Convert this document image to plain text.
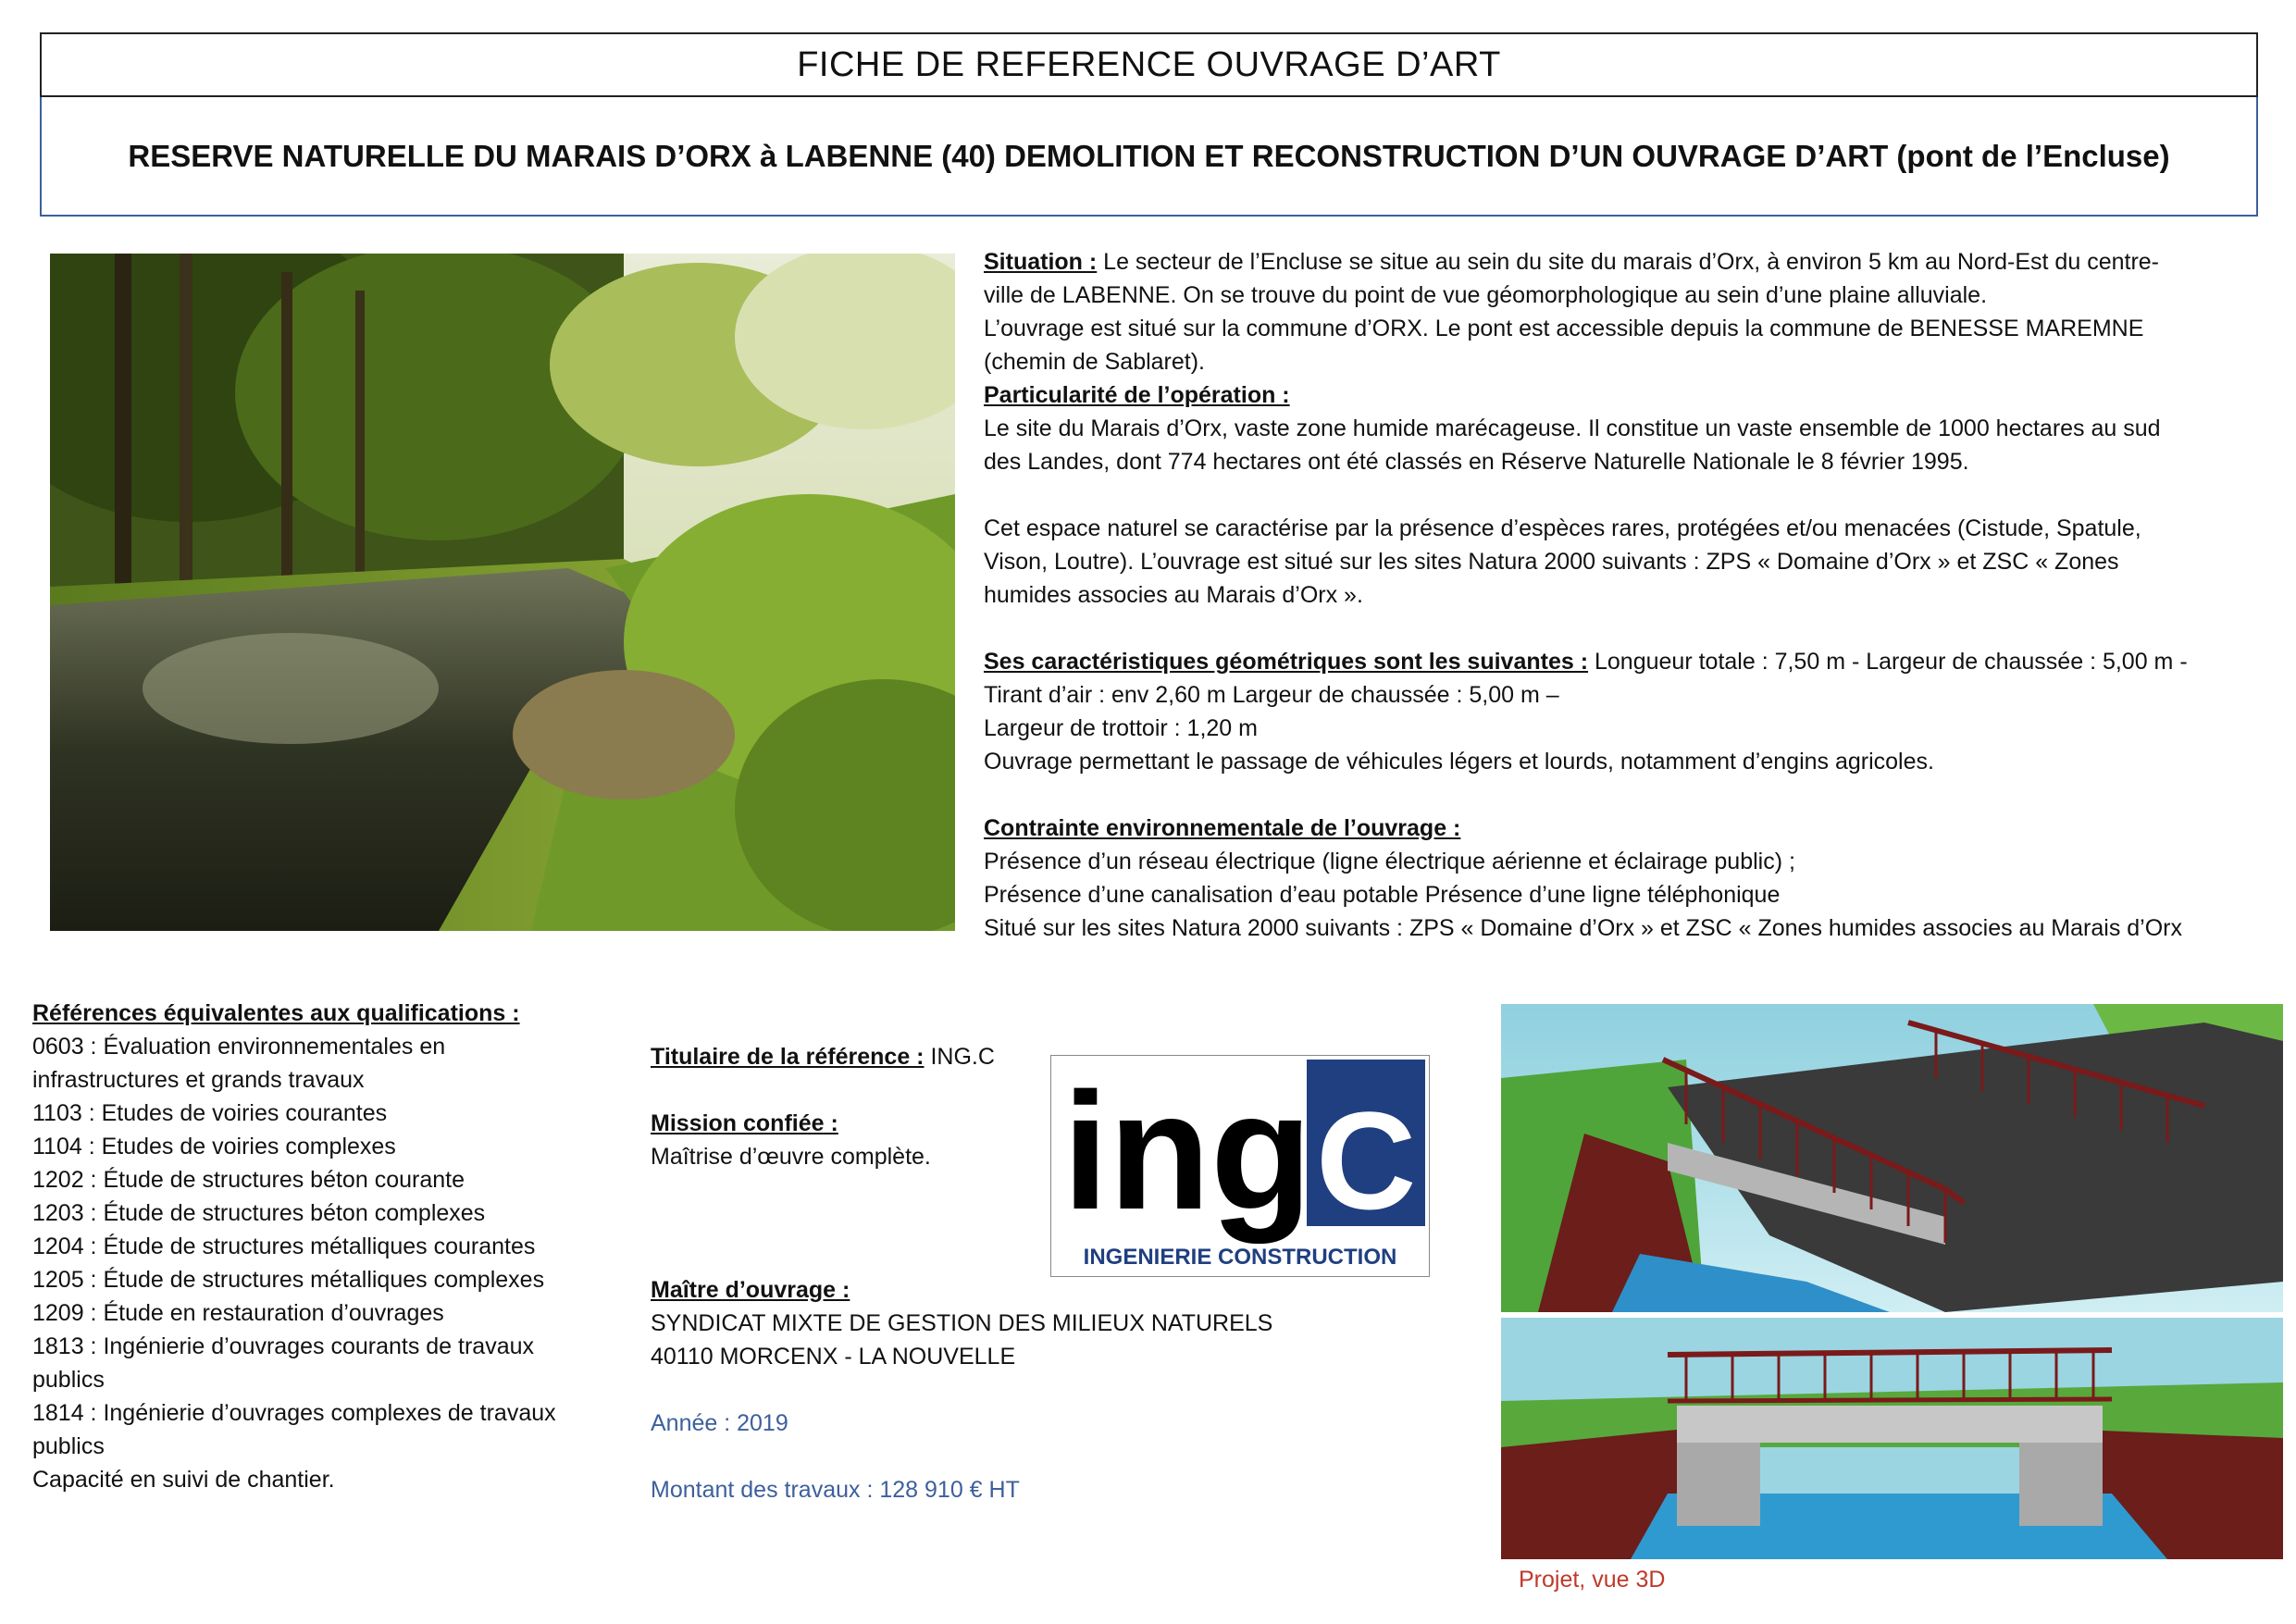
FICHE DE REFERENCE OUVRAGE D’ART
RESERVE NATURELLE DU MARAIS D’ORX à LABENNE (40) DEMOLITION ET RECONSTRUCTION D’UN OUVRAGE D’ART (pont de l’Encluse)
Situation : Le secteur de l’Encluse se situe au sein du site du marais d’Orx, à environ 5 km au Nord-Est du centre-
ville de LABENNE. On se trouve du point de vue géomorphologique au sein d’une plaine alluviale.
L’ouvrage est situé sur la commune d’ORX. Le pont est accessible depuis la commune de BENESSE MAREMNE
(chemin de Sablaret).
Particularité de l’opération :
Le site du Marais d’Orx, vaste zone humide marécageuse. Il constitue un vaste ensemble de 1000 hectares au sud
des Landes, dont 774 hectares ont été classés en Réserve Naturelle Nationale le 8 février 1995.
Cet espace naturel se caractérise par la présence d’espèces rares, protégées et/ou menacées (Cistude, Spatule,
Vison, Loutre). L’ouvrage est situé sur les sites Natura 2000 suivants : ZPS « Domaine d’Orx » et ZSC « Zones
humides associes au Marais d’Orx ».
Ses caractéristiques géométriques sont les suivantes : Longueur totale : 7,50 m - Largeur de chaussée : 5,00 m -
Tirant d’air : env 2,60 m Largeur de chaussée : 5,00 m –
Largeur de trottoir : 1,20 m
Ouvrage permettant le passage de véhicules légers et lourds, notamment d’engins agricoles.
Contrainte environnementale de l’ouvrage :
Présence d’un réseau électrique (ligne électrique aérienne et éclairage public) ;
Présence d’une canalisation d’eau potable Présence d’une ligne téléphonique
Situé sur les sites Natura 2000 suivants : ZPS « Domaine d’Orx » et ZSC « Zones humides associes au Marais d’Orx
Références équivalentes aux qualifications :
0603 : Évaluation environnementales en
infrastructures et grands travaux
1103 : Etudes de voiries courantes
1104 : Etudes de voiries complexes
1202 : Étude de structures béton courante
1203 : Étude de structures béton complexes
1204 : Étude de structures métalliques courantes
1205 : Étude de structures métalliques complexes
1209 : Étude en restauration d’ouvrages
1813 : Ingénierie d’ouvrages courants de travaux
publics
1814 : Ingénierie d’ouvrages complexes de travaux
publics
Capacité en suivi de chantier.
Titulaire de la référence : ING.C
Mission confiée :
Maîtrise d’œuvre complète.
Maître d’ouvrage :
SYNDICAT MIXTE DE GESTION DES MILIEUX NATURELS
40110 MORCENX - LA NOUVELLE
Année : 2019
Montant des travaux : 128 910 € HT
ing C
INGENIERIE CONSTRUCTION
Projet, vue 3D
